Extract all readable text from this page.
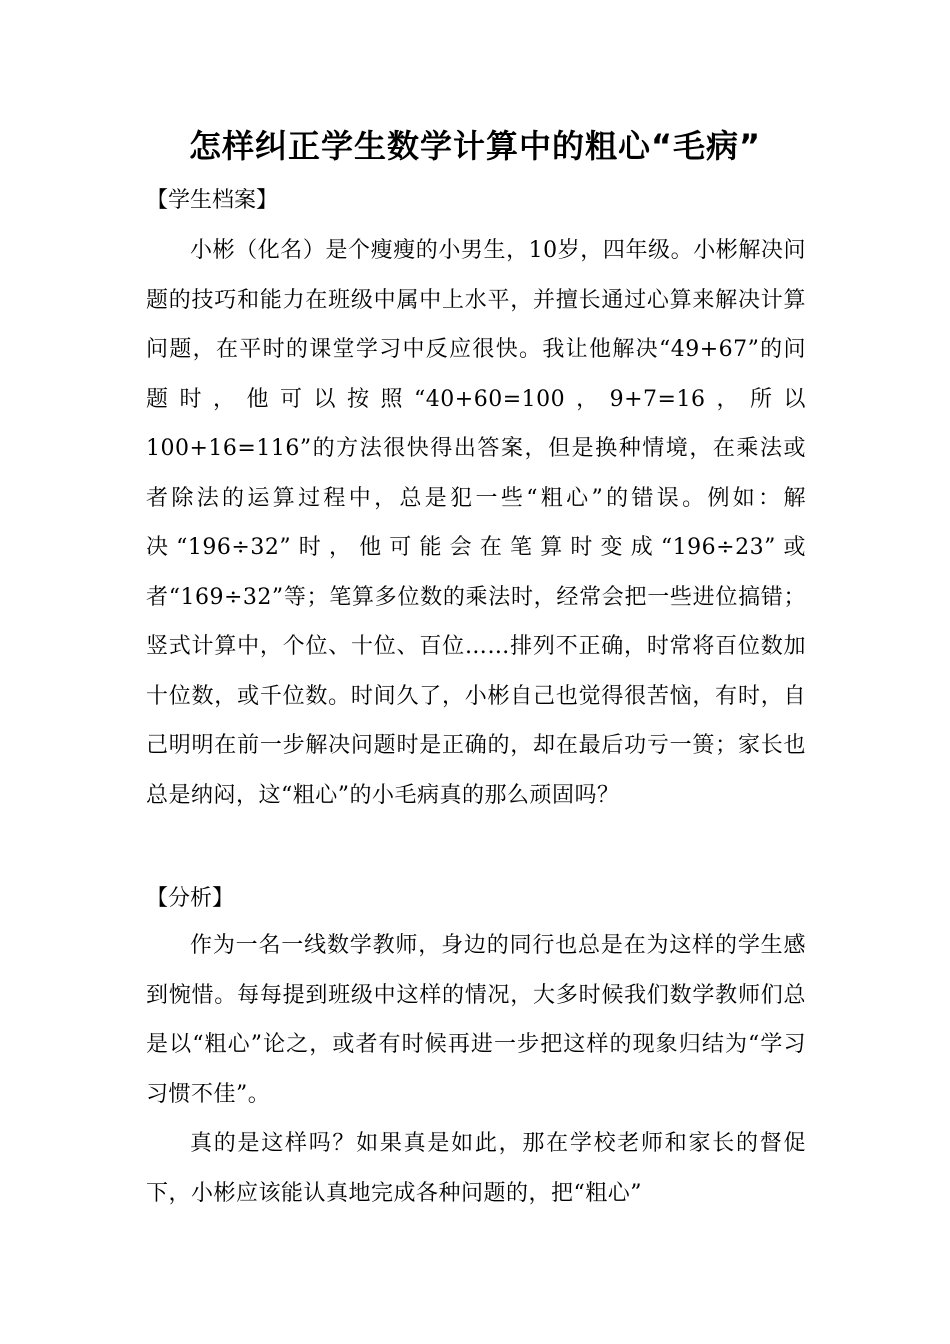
怎样纠正学生数学计算中的粗心“毛病”
【学生档案】

小彬（化名）是个瘦瘦的小男生，10岁，四年级。小彬解决问题的技巧和能力在班级中属中上水平，并擅长通过心算来解决计算问题，在平时的课堂学习中反应很快。我让他解决“49+67”的问题时，他可以按照“40+60=100，9+7=16，所以100+16=116”的方法很快得出答案，但是换种情境，在乘法或者除法的运算过程中，总是犯一些“粗心”的错误。例如：解决“196÷32”时，他可能会在笔算时变成“196÷23”或者“169÷32”等；笔算多位数的乘法时，经常会把一些进位搞错；竖式计算中，个位、十位、百位……排列不正确，时常将百位数加十位数，或千位数。时间久了，小彬自己也觉得很苦恼，有时，自己明明在前一步解决问题时是正确的，却在最后功亏一篑；家长也总是纳闷，这“粗心”的小毛病真的那么顽固吗？

【分析】

作为一名一线数学教师，身边的同行也总是在为这样的学生感到惋惜。每每提到班级中这样的情况，大多时候我们数学教师们总是以“粗心”论之，或者有时候再进一步把这样的现象归结为“学习习惯不佳”。

真的是这样吗？如果真是如此，那在学校老师和家长的督促下，小彬应该能认真地完成各种问题的，把“粗心”
